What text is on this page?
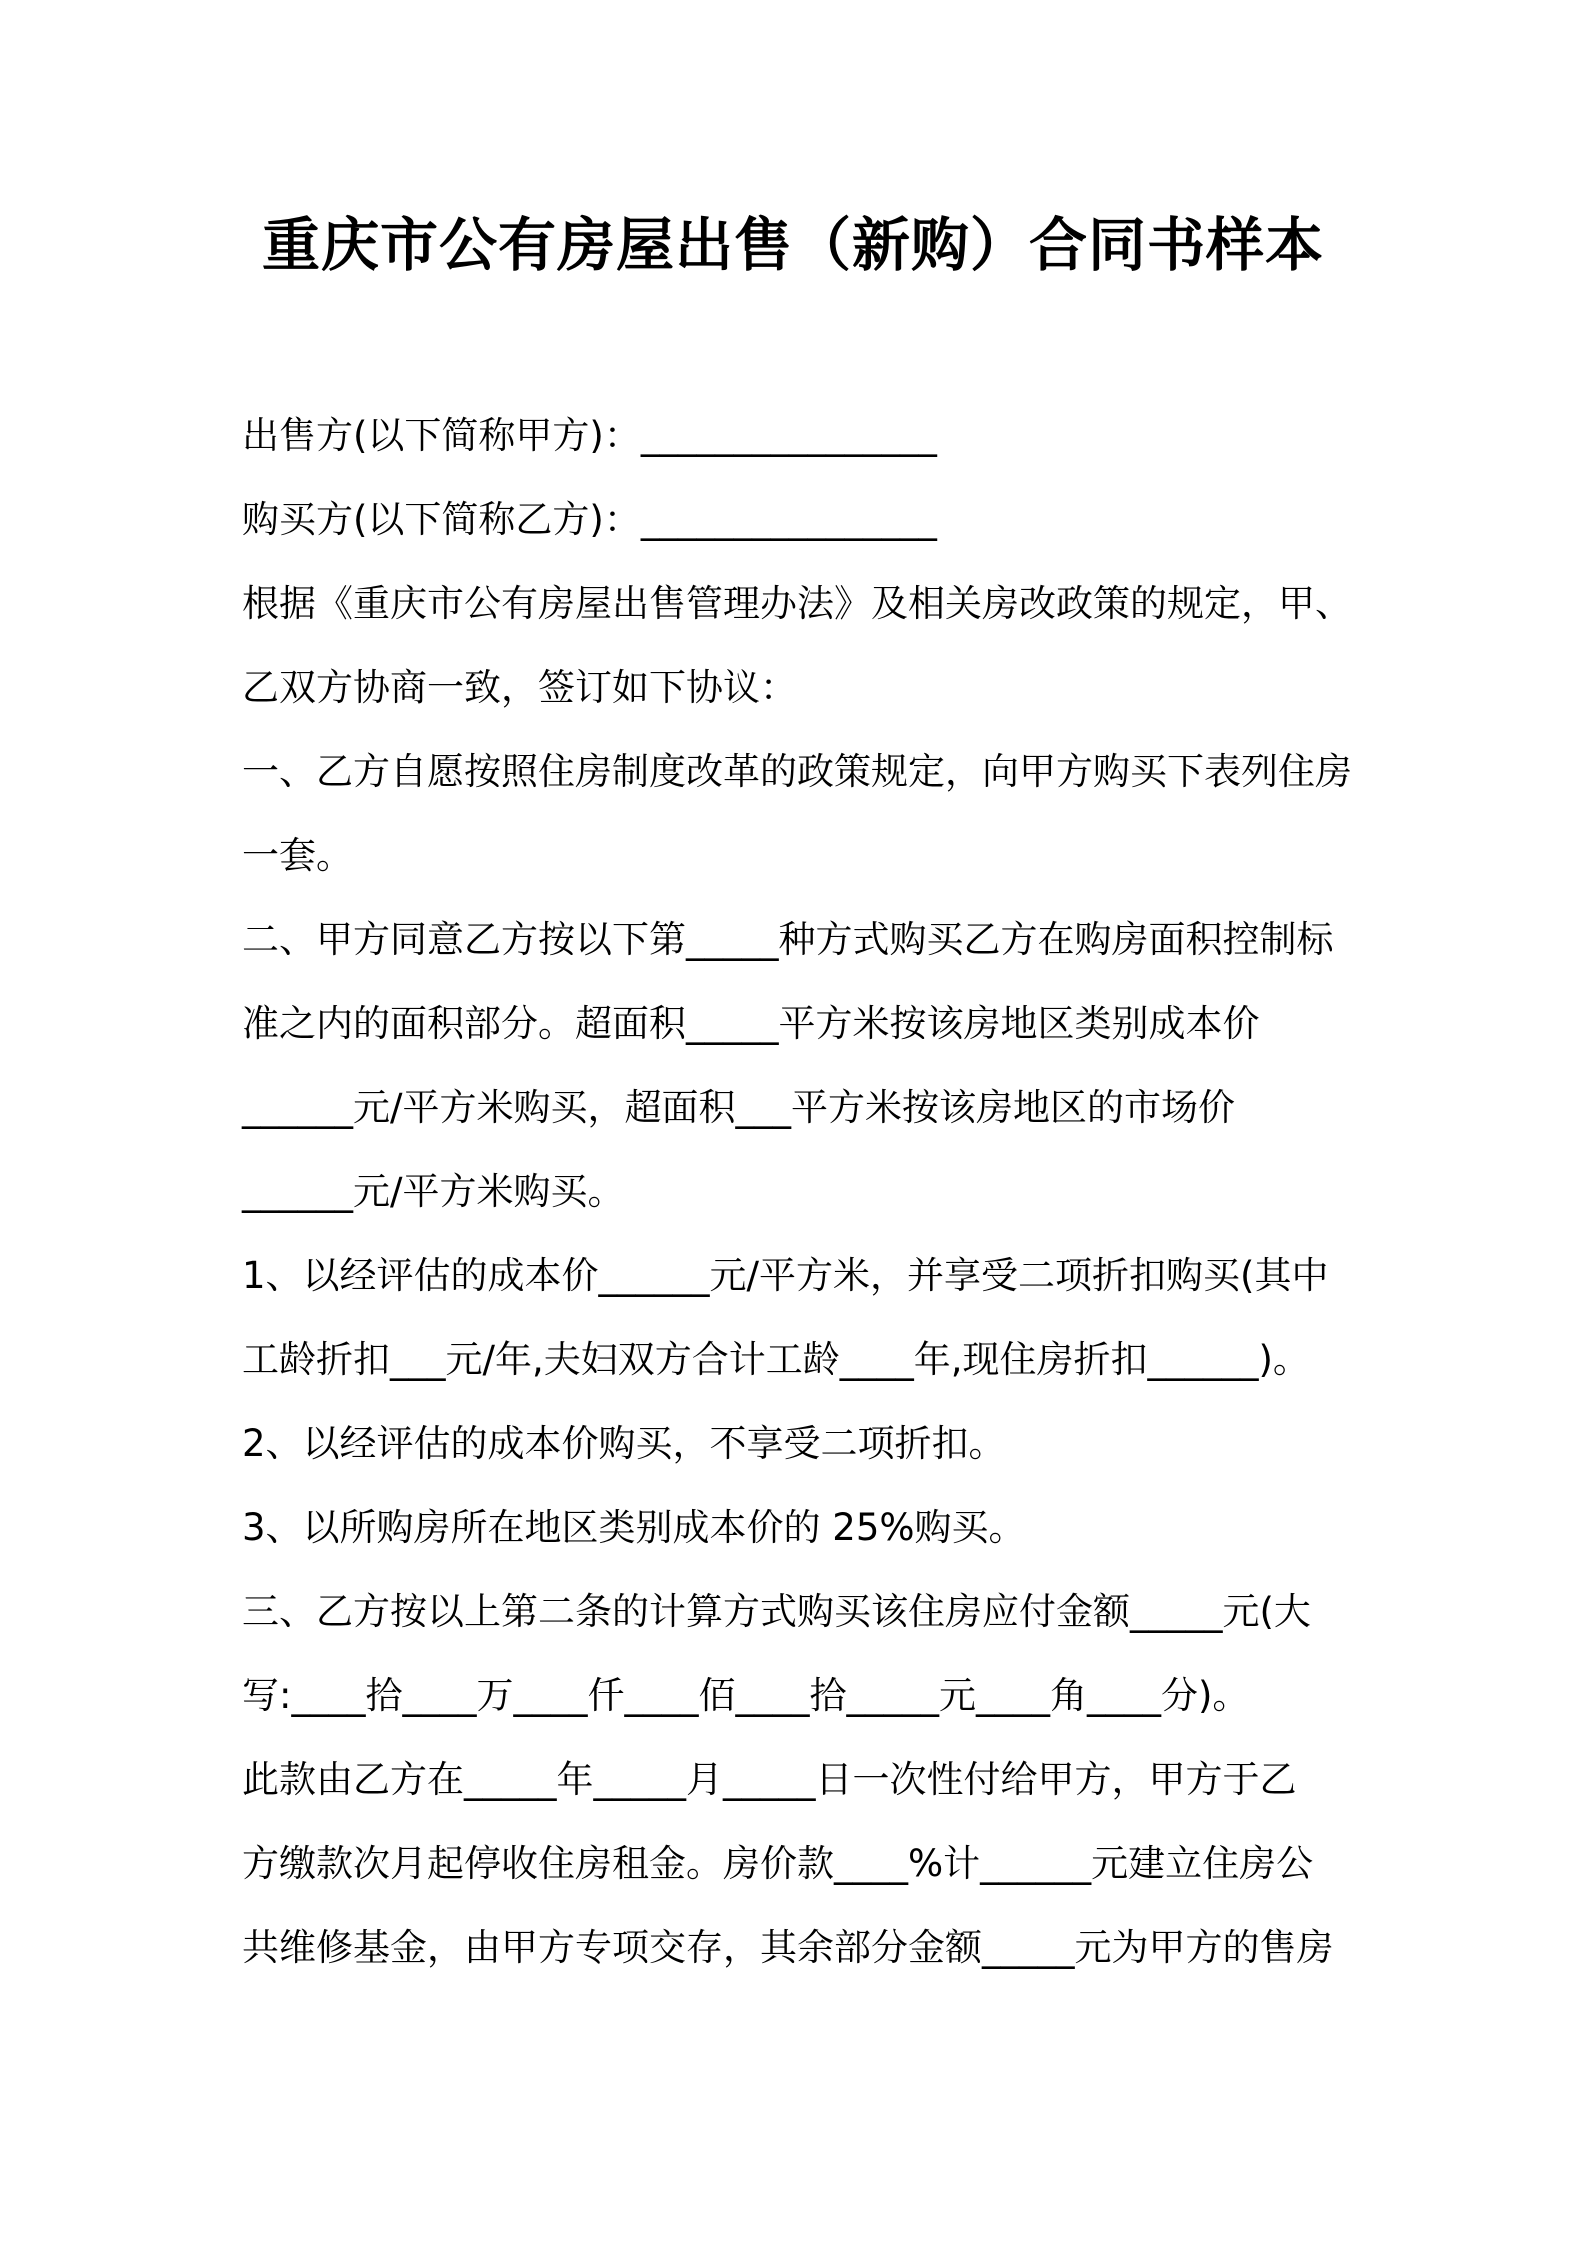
重庆市公有房屋出售（新购）合同书样本
出售方(以下简称甲方)：________________
购买方(以下简称乙方)：________________
根据《重庆市公有房屋出售管理办法》及相关房改政策的规定，甲、
乙双方协商一致，签订如下协议：
一、乙方自愿按照住房制度改革的政策规定，向甲方购买下表列住房
一套。
二、甲方同意乙方按以下第_____种方式购买乙方在购房面积控制标
准之内的面积部分。超面积_____平方米按该房地区类别成本价
______元/平方米购买，超面积___平方米按该房地区的市场价
______元/平方米购买。
1、以经评估的成本价______元/平方米，并享受二项折扣购买(其中
工龄折扣___元/年,夫妇双方合计工龄____年,现住房折扣______)。
2、以经评估的成本价购买，不享受二项折扣。
3、以所购房所在地区类别成本价的 25%购买。
三、乙方按以上第二条的计算方式购买该住房应付金额_____元(大
写:____拾____万____仟____佰____拾_____元____角____分)。
此款由乙方在_____年_____月_____日一次性付给甲方，甲方于乙
方缴款次月起停收住房租金。房价款____%计______元建立住房公
共维修基金，由甲方专项交存，其余部分金额_____元为甲方的售房
